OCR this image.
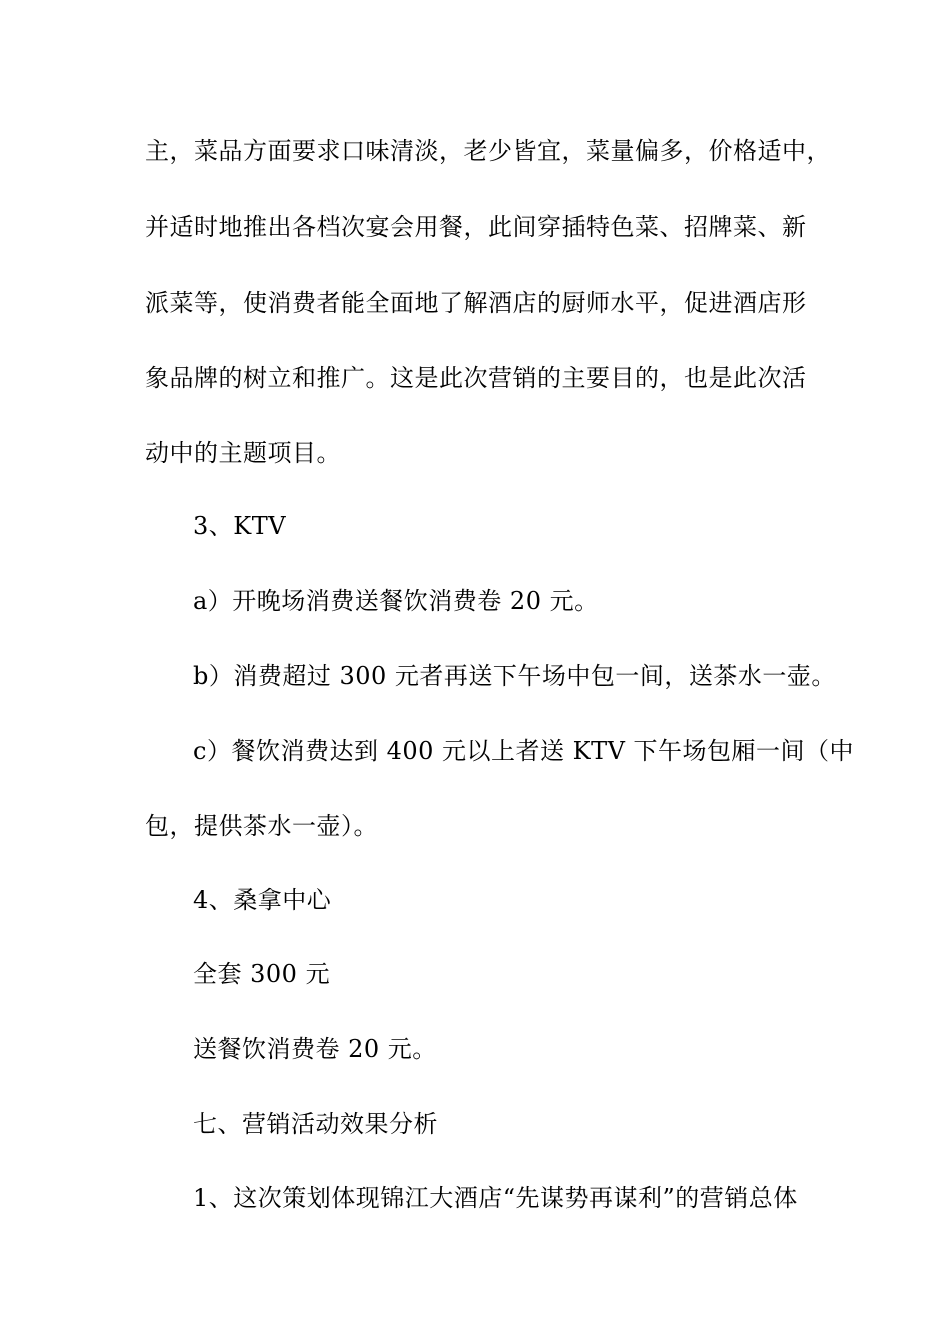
主，菜品方面要求口味清淡，老少皆宜，菜量偏多，价格适中，
并适时地推出各档次宴会用餐，此间穿插特色菜、招牌菜、新
派菜等，使消费者能全面地了解酒店的厨师水平，促进酒店形
象品牌的树立和推广。这是此次营销的主要目的，也是此次活
动中的主题项目。
3、KTV
a）开晚场消费送餐饮消费卷 20 元。
b）消费超过 300 元者再送下午场中包一间，送茶水一壶。
c）餐饮消费达到 400 元以上者送 KTV 下午场包厢一间（中
包，提供茶水一壶）。
4、桑拿中心
全套 300 元
送餐饮消费卷 20 元。
七、营销活动效果分析
1、这次策划体现锦江大酒店“先谋势再谋利”的营销总体
